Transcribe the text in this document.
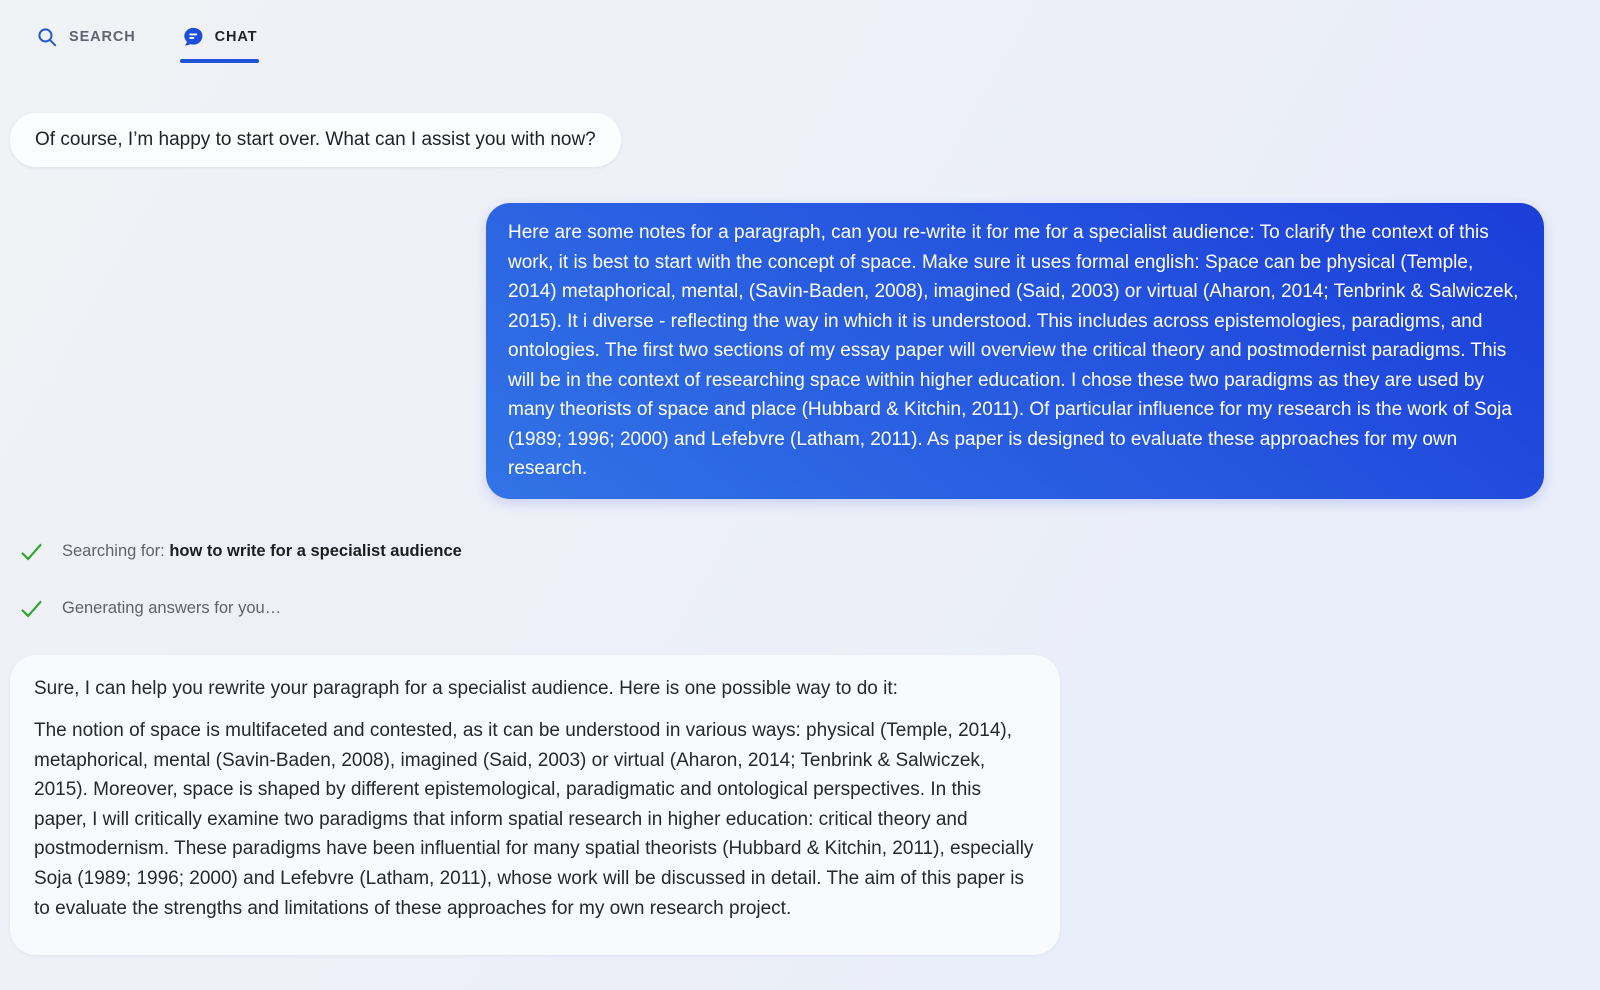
SEARCH	CHAT

Of course, I’m happy to start over. What can I assist you with now?

Here are some notes for a paragraph, can you re-write it for me for a specialist audience: To clarify the context of this work, it is best to start with the concept of space. Make sure it uses formal english: Space can be physical (Temple, 2014) metaphorical, mental, (Savin-Baden, 2008), imagined (Said, 2003) or virtual (Aharon, 2014; Tenbrink & Salwiczek, 2015). It i diverse - reflecting the way in which it is understood. This includes across epistemologies, paradigms, and ontologies. The first two sections of my essay paper will overview the critical theory and postmodernist paradigms. This will be in the context of researching space within higher education. I chose these two paradigms as they are used by many theorists of space and place (Hubbard & Kitchin, 2011). Of particular influence for my research is the work of Soja (1989; 1996; 2000) and Lefebvre (Latham, 2011). As paper is designed to evaluate these approaches for my own research.

Searching for: how to write for a specialist audience
Generating answers for you…

Sure, I can help you rewrite your paragraph for a specialist audience. Here is one possible way to do it:

The notion of space is multifaceted and contested, as it can be understood in various ways: physical (Temple, 2014), metaphorical, mental (Savin-Baden, 2008), imagined (Said, 2003) or virtual (Aharon, 2014; Tenbrink & Salwiczek, 2015). Moreover, space is shaped by different epistemological, paradigmatic and ontological perspectives. In this paper, I will critically examine two paradigms that inform spatial research in higher education: critical theory and postmodernism. These paradigms have been influential for many spatial theorists (Hubbard & Kitchin, 2011), especially Soja (1989; 1996; 2000) and Lefebvre (Latham, 2011), whose work will be discussed in detail. The aim of this paper is to evaluate the strengths and limitations of these approaches for my own research project.
